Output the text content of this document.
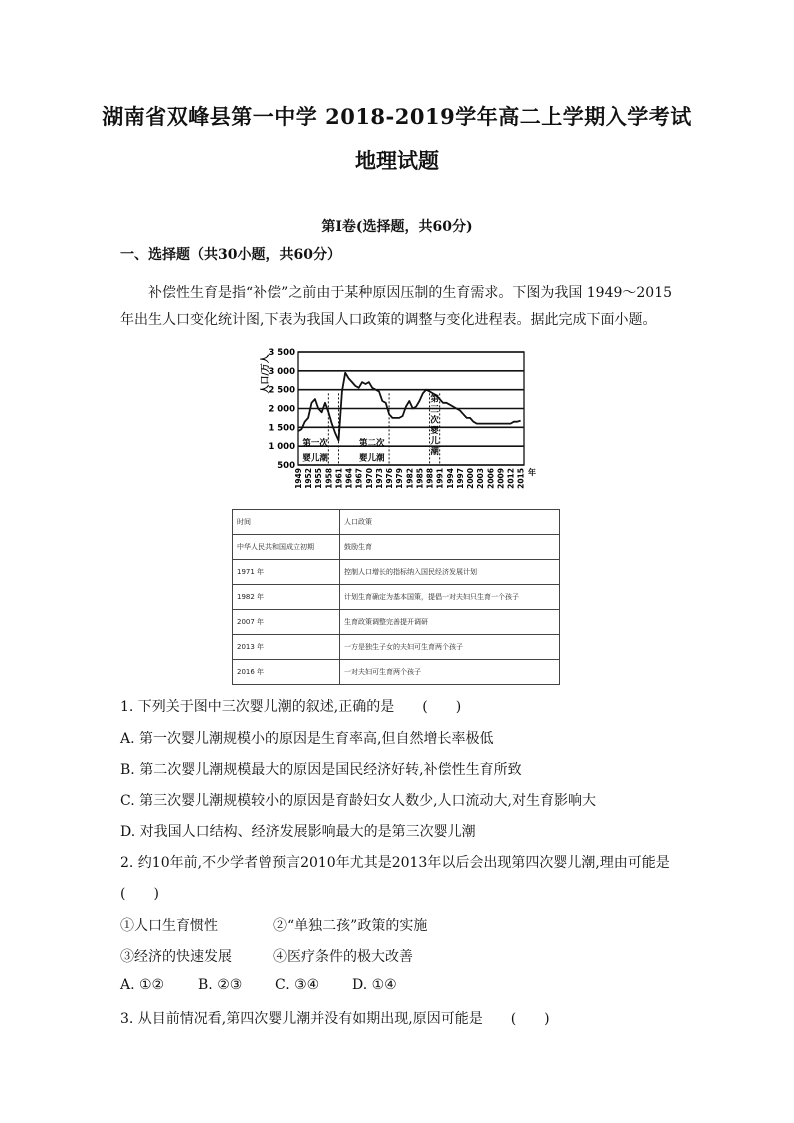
湖南省双峰县第一中学 2018-2019学年高二上学期入学考试
地理试题
第Ⅰ卷(选择题，共60分)
一、选择题（共30小题，共60分）
补偿性生育是指“补偿”之前由于某种原因压制的生育需求。下图为我国 1949～2015年出生人口变化统计图,下表为我国人口政策的调整与变化进程表。据此完成下面小题。
500
1 000
1 500
2 000
2 500
3 000
3 500
人口/万人
1949 1952 1955 1958 1961 1964 1967 1970 1973 1976 1979 1982 1985 1988 1991 1994 1997 2000 2003 2006 2009 2012 2015 年
第一次
婴儿潮
第二次
婴儿潮
第
三
次
婴
儿
潮
时间	人口政策
中华人民共和国成立初期	鼓励生育
1971 年	控制人口增长的指标纳入国民经济发展计划
1982 年	计划生育确定为基本国策，提倡一对夫妇只生育一个孩子
2007 年	生育政策调整完善提开调研
2013 年	一方是独生子女的夫妇可生育两个孩子
2016 年	一对夫妇可生育两个孩子
1. 下列关于图中三次婴儿潮的叙述,正确的是　　(　　)
A. 第一次婴儿潮规模小的原因是生育率高,但自然增长率极低
B. 第二次婴儿潮规模最大的原因是国民经济好转,补偿性生育所致
C. 第三次婴儿潮规模较小的原因是育龄妇女人数少,人口流动大,对生育影响大
D. 对我国人口结构、经济发展影响最大的是第三次婴儿潮
2. 约10年前,不少学者曾预言2010年尤其是2013年以后会出现第四次婴儿潮,理由可能是
(　　)
①人口生育惯性	②“单独二孩”政策的实施
③经济的快速发展	④医疗条件的极大改善
A. ①② B. ②③ C. ③④ D. ①④
3. 从目前情况看,第四次婴儿潮并没有如期出现,原因可能是　　(　　)
